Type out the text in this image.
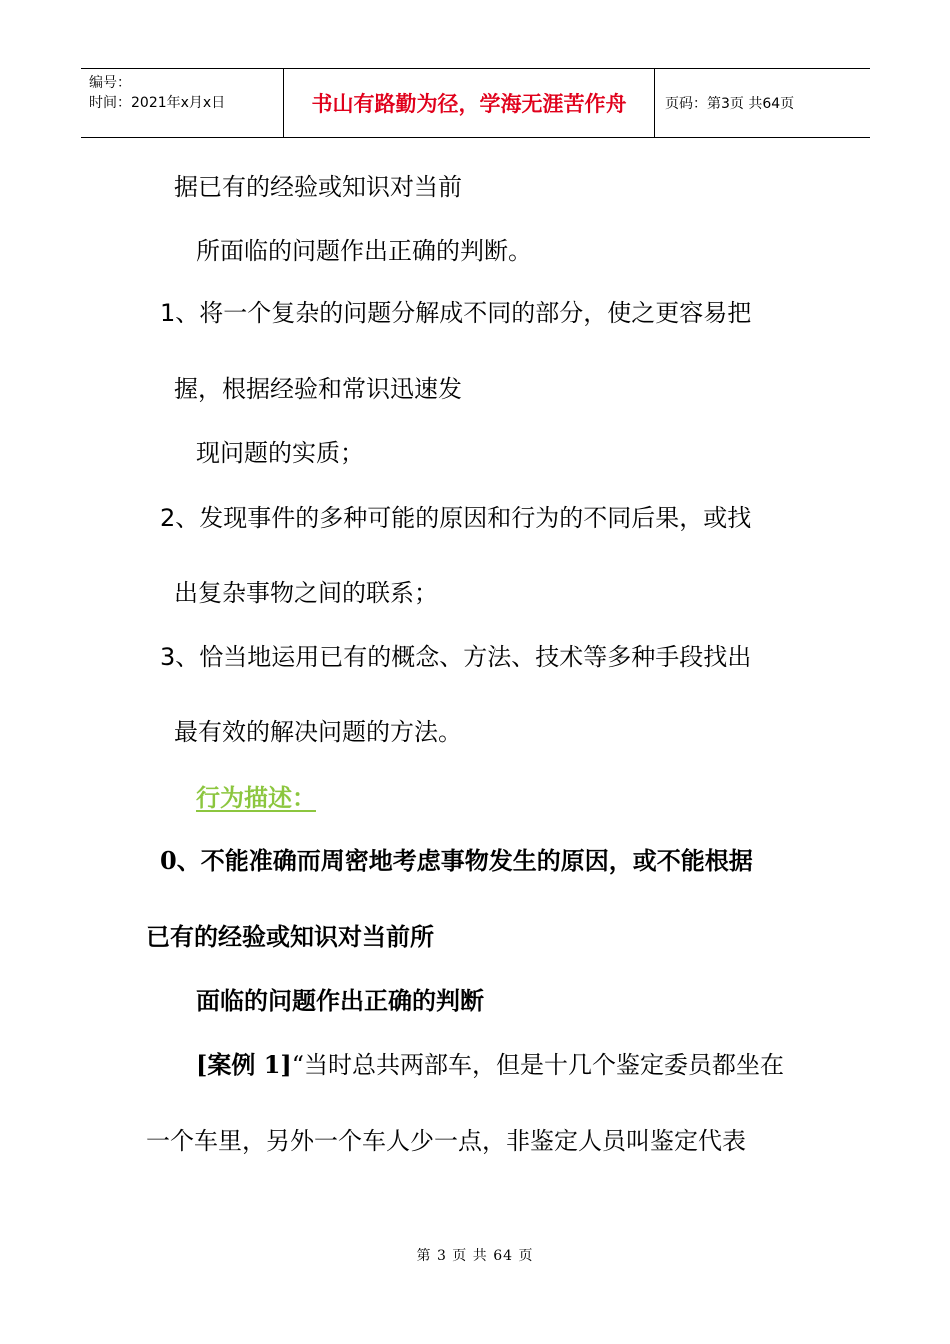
编号：
时间：2021年x月x日	书山有路勤为径，学海无涯苦作舟	页码：第3页 共64页
据已有的经验或知识对当前
所面临的问题作出正确的判断。
1、将一个复杂的问题分解成不同的部分，使之更容易把
握，根据经验和常识迅速发
现问题的实质；
2、发现事件的多种可能的原因和行为的不同后果，或找
出复杂事物之间的联系；
3、恰当地运用已有的概念、方法、技术等多种手段找出
最有效的解决问题的方法。
行为描述：
0、不能准确而周密地考虑事物发生的原因，或不能根据
已有的经验或知识对当前所
面临的问题作出正确的判断
[案例 1]“当时总共两部车，但是十几个鉴定委员都坐在
一个车里，另外一个车人少一点，非鉴定人员叫鉴定代表
第 3 页 共 64 页
